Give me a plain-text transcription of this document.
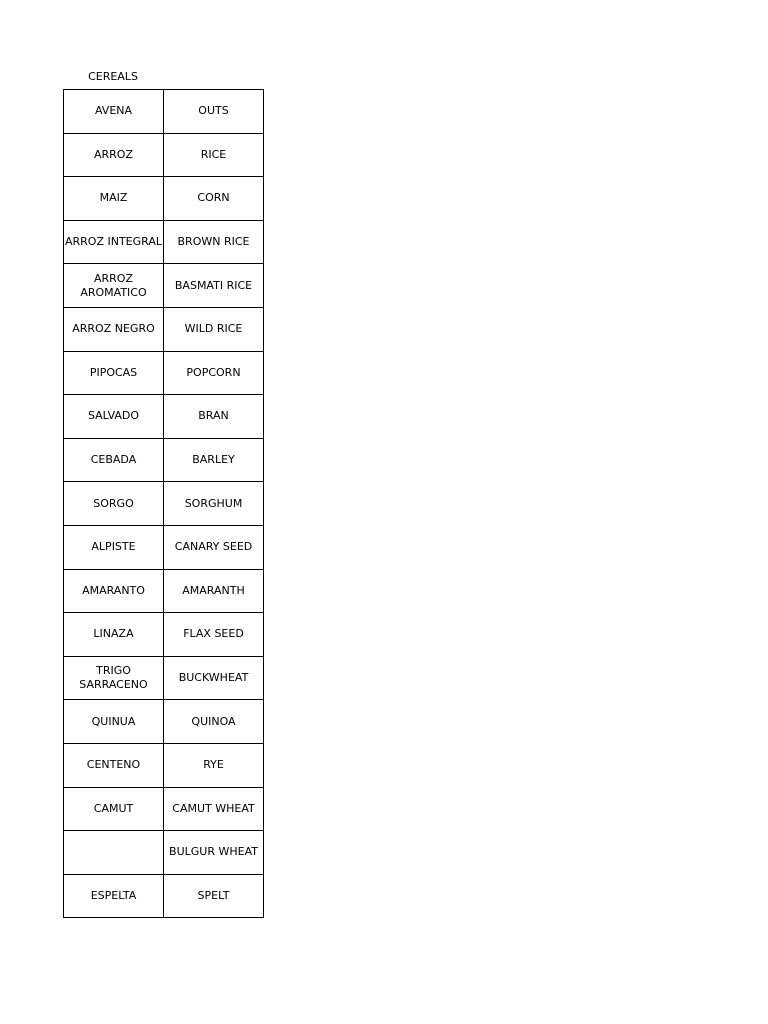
CEREALS
AVENA	OUTS
ARROZ	RICE
MAIZ	CORN
ARROZ INTEGRAL	BROWN RICE
ARROZ AROMATICO	BASMATI RICE
ARROZ NEGRO	WILD RICE
PIPOCAS	POPCORN
SALVADO	BRAN
CEBADA	BARLEY
SORGO	SORGHUM
ALPISTE	CANARY SEED
AMARANTO	AMARANTH
LINAZA	FLAX SEED
TRIGO SARRACENO	BUCKWHEAT
QUINUA	QUINOA
CENTENO	RYE
CAMUT	CAMUT WHEAT
	BULGUR WHEAT
ESPELTA	SPELT
